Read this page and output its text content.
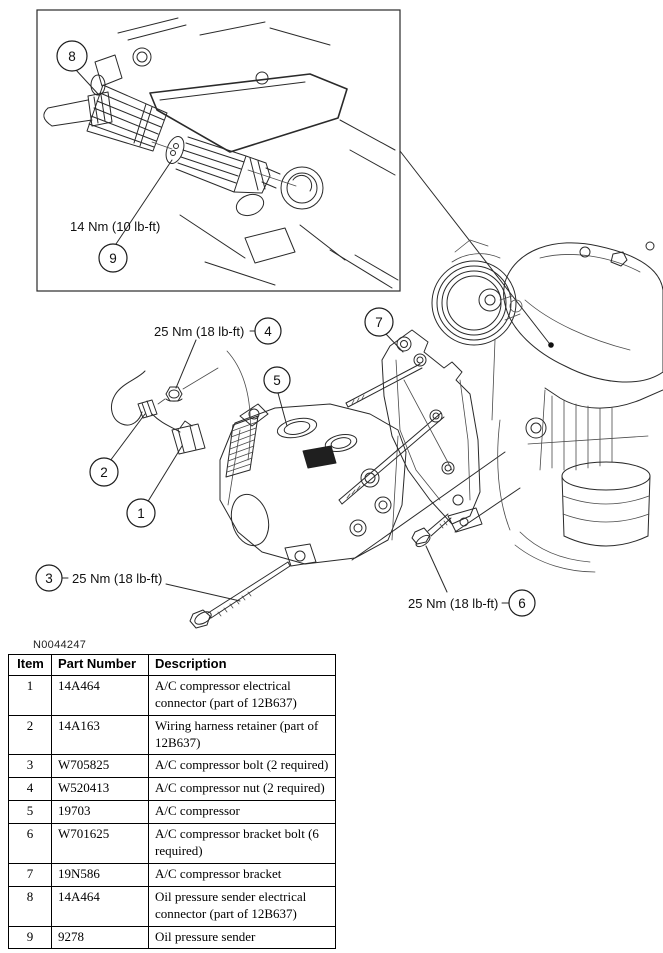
14 Nm (10 lb-ft)
25 Nm (18 lb-ft)
25 Nm (18 lb-ft)
25 Nm (18 lb-ft)
8
9
4
7
5
2
1
3
6
N0044247
Item	Part Number	Description
1	14A464	A/C compressor electrical connector (part of 12B637)
2	14A163	Wiring harness retainer (part of 12B637)
3	W705825	A/C compressor bolt (2 required)
4	W520413	A/C compressor nut (2 required)
5	19703	A/C compressor
6	W701625	A/C compressor bracket bolt (6 required)
7	19N586	A/C compressor bracket
8	14A464	Oil pressure sender electrical connector (part of 12B637)
9	9278	Oil pressure sender
